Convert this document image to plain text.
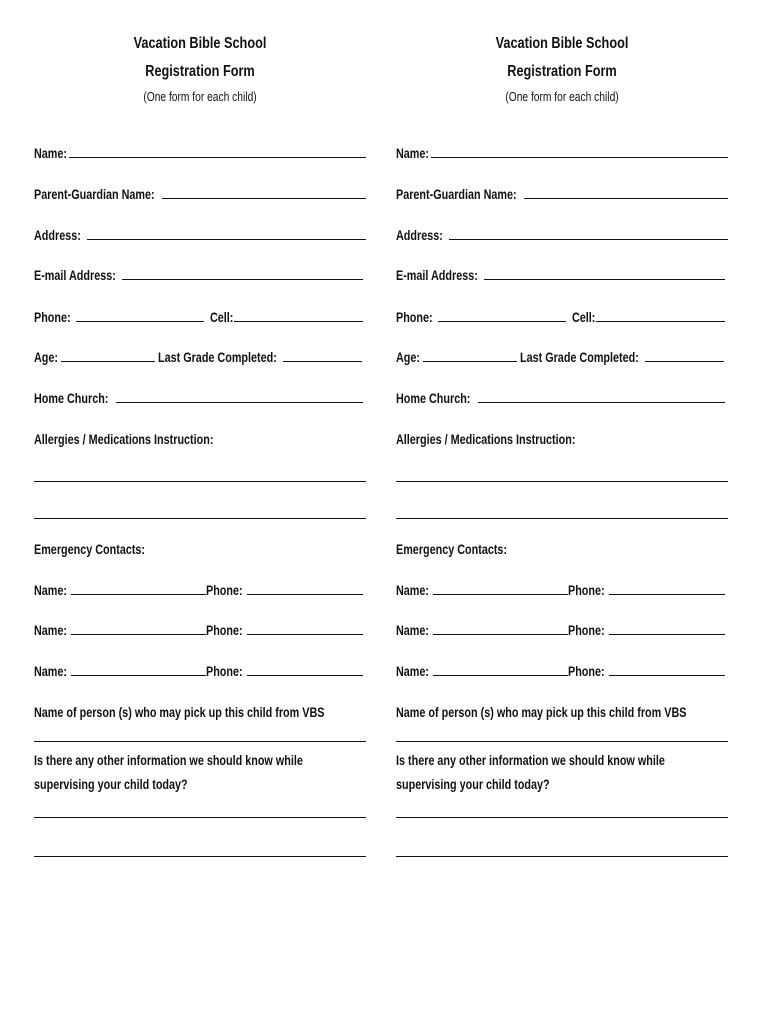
Vacation Bible School
Registration Form
(One form for each child)
Name:
Parent-Guardian Name:
Address:
E-mail Address:
Phone:	Cell:
Age:	Last Grade Completed:
Home Church:
Allergies / Medications Instruction:
Emergency Contacts:
Name:	Phone:
Name:	Phone:
Name:	Phone:
Name of person (s) who may pick up this child from VBS
Is there any other information we should know while supervising your child today?
Vacation Bible School
Registration Form
(One form for each child)
Name:
Parent-Guardian Name:
Address:
E-mail Address:
Phone:	Cell:
Age:	Last Grade Completed:
Home Church:
Allergies / Medications Instruction:
Emergency Contacts:
Name:	Phone:
Name:	Phone:
Name:	Phone:
Name of person (s) who may pick up this child from VBS
Is there any other information we should know while supervising your child today?
